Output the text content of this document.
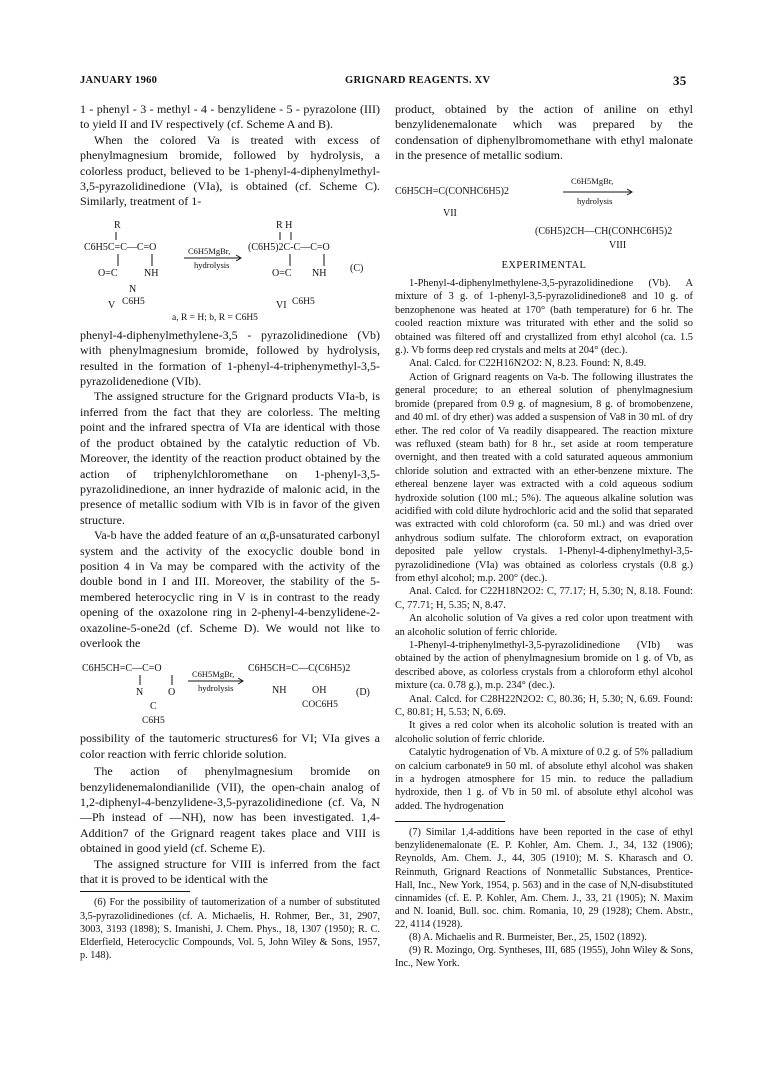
JANUARY 1960	GRIGNARD REAGENTS. XV	35

1 - phenyl - 3 - methyl - 4 - benzylidene - 5 - pyrazolone (III) to yield II and IV respectively (cf. Scheme A and B).

When the colored Va is treated with excess of phenylmagnesium bromide, followed by hydrolysis, a colorless product, believed to be 1-phenyl-4-diphenylmethyl-3,5-pyrazolidinedione (VIa), is obtained (cf. Scheme C). Similarly, treatment of 1-

R	R H
C6H5C=C—C=O
O=C	NH
N
C6H5
V
C6H5MgBr,
hydrolysis
(C6H5)2C-C—C=O
O=C NH
C6H5
VI
(C)
a, R = H; b, R = C6H5

phenyl-4-diphenylmethylene-3,5 - pyrazolidinedione (Vb) with phenylmagnesium bromide, followed by hydrolysis, resulted in the formation of 1-phenyl-4-triphenymethyl-3,5-pyrazolidenedione (VIb).

The assigned structure for the Grignard products VIa-b, is inferred from the fact that they are colorless. The melting point and the infrared spectra of VIa are identical with those of the product obtained by the catalytic reduction of Vb. Moreover, the identity of the reaction product obtained by the action of triphenylchloromethane on 1-phenyl-3,5-pyrazolidinedione, an inner hydrazide of malonic acid, in the presence of metallic sodium with VIb is in favor of the given structure.

Va-b have the added feature of an α,β-unsaturated carbonyl system and the activity of the exocyclic double bond in position 4 in Va may be compared with the activity of the double bond in I and III. Moreover, the stability of the 5-membered heterocyclic ring in V is in contrast to the ready opening of the oxazolone ring in 2-phenyl-4-benzylidene-2-oxazoline-5-one2d (cf. Scheme D). We would not like to overlook the

C6H5CH=C—C=O
N O
C
C6H5
C6H5MgBr,
hydrolysis
C6H5CH=C—C(C6H5)2
NH	OH
COC6H5
(D)

possibility of the tautomeric structures6 for VI; VIa gives a color reaction with ferric chloride solution.

The action of phenylmagnesium bromide on benzylidenemalondianilide (VII), the open-chain analog of 1,2-diphenyl-4-benzylidene-3,5-pyrazolidinedione (cf. Va, N—Ph instead of —NH), now has been investigated. 1,4-Addition7 of the Grignard reagent takes place and VIII is obtained in good yield (cf. Scheme E).

The assigned structure for VIII is inferred from the fact that it is proved to be identical with the

(6) For the possibility of tautomerization of a number of substituted 3,5-pyrazolidinediones (cf. A. Michaelis, H. Rohmer, Ber., 31, 2907, 3003, 3193 (1898); S. Imanishi, J. Chem. Phys., 18, 1307 (1950); R. C. Elderfield, Heterocyclic Compounds, Vol. 5, John Wiley & Sons, 1957, p. 148).

product, obtained by the action of aniline on ethyl benzylidenemalonate which was prepared by the condensation of diphenylbromomethane with ethyl malonate in the presence of metallic sodium.

C6H5CH=C(CONHC6H5)2
C6H5MgBr,
hydrolysis
VII
(C6H5)2CH—CH(CONHC6H5)2
VIII
EXPERIMENTAL

1-Phenyl-4-diphenylmethylene-3,5-pyrazolidinedione (Vb). A mixture of 3 g. of 1-phenyl-3,5-pyrazolidinedione8 and 10 g. of benzophenone was heated at 170° (bath temperature) for 6 hr. The cooled reaction mixture was triturated with ether and the solid so obtained was filtered off and crystallized from ethyl alcohol (ca. 1.5 g.). Vb forms deep red crystals and melts at 204° (dec.).

Anal. Calcd. for C22H16N2O2: N, 8.23. Found: N, 8.49.

Action of Grignard reagents on Va-b. The following illustrates the general procedure; to an ethereal solution of phenylmagnesium bromide (prepared from 0.9 g. of magnesium, 8 g. of bromobenzene, and 40 ml. of dry ether) was added a suspension of Va8 in 30 ml. of dry ether. The red color of Va readily disappeared. The reaction mixture was refluxed (steam bath) for 8 hr., set aside at room temperature overnight, and then treated with a cold saturated aqueous ammonium chloride solution and extracted with an ether-benzene mixture. The ethereal benzene layer was extracted with a cold aqueous sodium hydroxide solution (100 ml.; 5%). The aqueous alkaline solution was acidified with cold dilute hydrochloric acid and the solid that separated was extracted with cold chloroform (ca. 50 ml.) and was dried over anhydrous sodium sulfate. The chloroform extract, on evaporation deposited pale yellow crystals. 1-Phenyl-4-diphenylmethyl-3,5-pyrazolidinedione (VIa) was obtained as colorless crystals (0.8 g.) from ethyl alcohol; m.p. 200° (dec.).

Anal. Calcd. for C22H18N2O2: C, 77.17; H, 5.30; N, 8.18. Found: C, 77.71; H, 5.35; N, 8.47.

An alcoholic solution of Va gives a red color upon treatment with an alcoholic solution of ferric chloride.

1-Phenyl-4-triphenylmethyl-3,5-pyrazolidinedione (VIb) was obtained by the action of phenylmagnesium bromide on 1 g. of Vb, as described above, as colorless crystals from a chloroform ethyl alcohol mixture (ca. 0.78 g.), m.p. 234° (dec.).

Anal. Calcd. for C28H22N2O2: C, 80.36; H, 5.30; N, 6.69. Found: C, 80.81; H, 5.53; N, 6.69.

It gives a red color when its alcoholic solution is treated with an alcoholic solution of ferric chloride.

Catalytic hydrogenation of Vb. A mixture of 0.2 g. of 5% palladium on calcium carbonate9 in 50 ml. of absolute ethyl alcohol was shaken in a hydrogen atmosphere for 15 min. to reduce the palladium hydroxide, then 1 g. of Vb in 50 ml. of absolute ethyl alcohol was added. The hydrogenation

(7) Similar 1,4-additions have been reported in the case of ethyl benzylidenemalonate (E. P. Kohler, Am. Chem. J., 34, 132 (1906); Reynolds, Am. Chem. J., 44, 305 (1910); M. S. Kharasch and O. Reinmuth, Grignard Reactions of Nonmetallic Substances, Prentice-Hall, Inc., New York, 1954, p. 563) and in the case of N,N-disubstituted cinnamides (cf. E. P. Kohler, Am. Chem. J., 33, 21 (1905); N. Maxim and N. Ioanid, Bull. soc. chim. Romania, 10, 29 (1928); Chem. Abstr., 22, 4114 (1928).

(8) A. Michaelis and R. Burmeister, Ber., 25, 1502 (1892).

(9) R. Mozingo, Org. Syntheses, III, 685 (1955), John Wiley & Sons, Inc., New York.
